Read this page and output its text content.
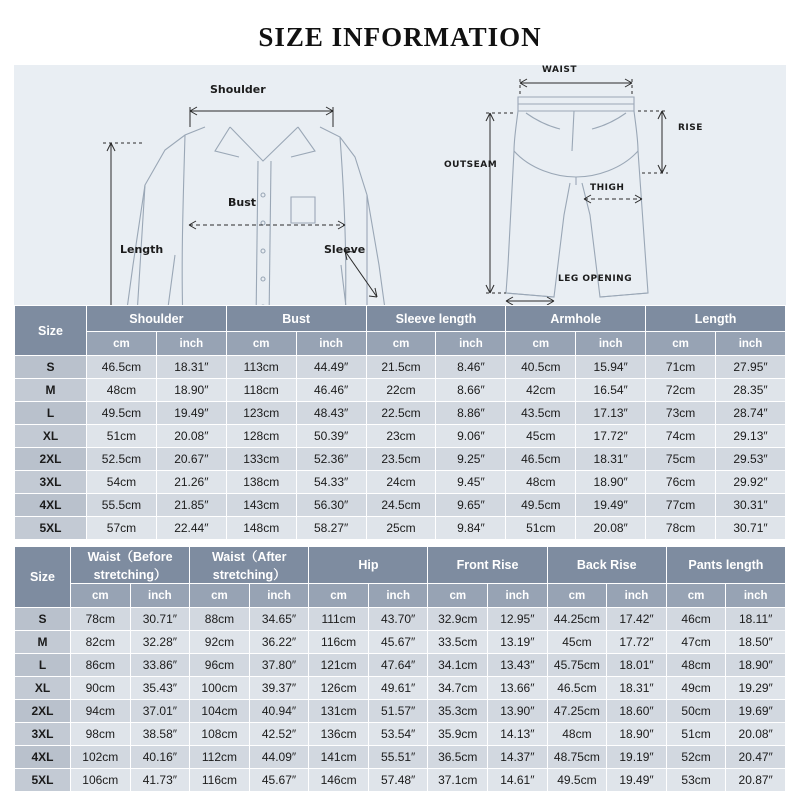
SIZE INFORMATION
Shoulder
Bust
Sleeve
Length
WAIST
RISE
OUTSEAM
THIGH
LEG OPENING
Size	Shoulder		Bust		Sleeve length		Armhole		Length	
	cm	inch	cm	inch	cm	inch	cm	inch	cm	inch
S	46.5cm	18.31″	113cm	44.49″	21.5cm	8.46″	40.5cm	15.94″	71cm	27.95″
M	48cm	18.90″	118cm	46.46″	22cm	8.66″	42cm	16.54″	72cm	28.35″
L	49.5cm	19.49″	123cm	48.43″	22.5cm	8.86″	43.5cm	17.13″	73cm	28.74″
XL	51cm	20.08″	128cm	50.39″	23cm	9.06″	45cm	17.72″	74cm	29.13″
2XL	52.5cm	20.67″	133cm	52.36″	23.5cm	9.25″	46.5cm	18.31″	75cm	29.53″
3XL	54cm	21.26″	138cm	54.33″	24cm	9.45″	48cm	18.90″	76cm	29.92″
4XL	55.5cm	21.85″	143cm	56.30″	24.5cm	9.65″	49.5cm	19.49″	77cm	30.31″
5XL	57cm	22.44″	148cm	58.27″	25cm	9.84″	51cm	20.08″	78cm	30.71″
Size	Waist（Before stretching）		Waist（After stretching）		Hip		Front Rise		Back Rise		Pants length	
	cm	inch	cm	inch	cm	inch	cm	inch	cm	inch	cm	inch
S	78cm	30.71″	88cm	34.65″	111cm	43.70″	32.9cm	12.95″	44.25cm	17.42″	46cm	18.11″
M	82cm	32.28″	92cm	36.22″	116cm	45.67″	33.5cm	13.19″	45cm	17.72″	47cm	18.50″
L	86cm	33.86″	96cm	37.80″	121cm	47.64″	34.1cm	13.43″	45.75cm	18.01″	48cm	18.90″
XL	90cm	35.43″	100cm	39.37″	126cm	49.61″	34.7cm	13.66″	46.5cm	18.31″	49cm	19.29″
2XL	94cm	37.01″	104cm	40.94″	131cm	51.57″	35.3cm	13.90″	47.25cm	18.60″	50cm	19.69″
3XL	98cm	38.58″	108cm	42.52″	136cm	53.54″	35.9cm	14.13″	48cm	18.90″	51cm	20.08″
4XL	102cm	40.16″	112cm	44.09″	141cm	55.51″	36.5cm	14.37″	48.75cm	19.19″	52cm	20.47″
5XL	106cm	41.73″	116cm	45.67″	146cm	57.48″	37.1cm	14.61″	49.5cm	19.49″	53cm	20.87″
